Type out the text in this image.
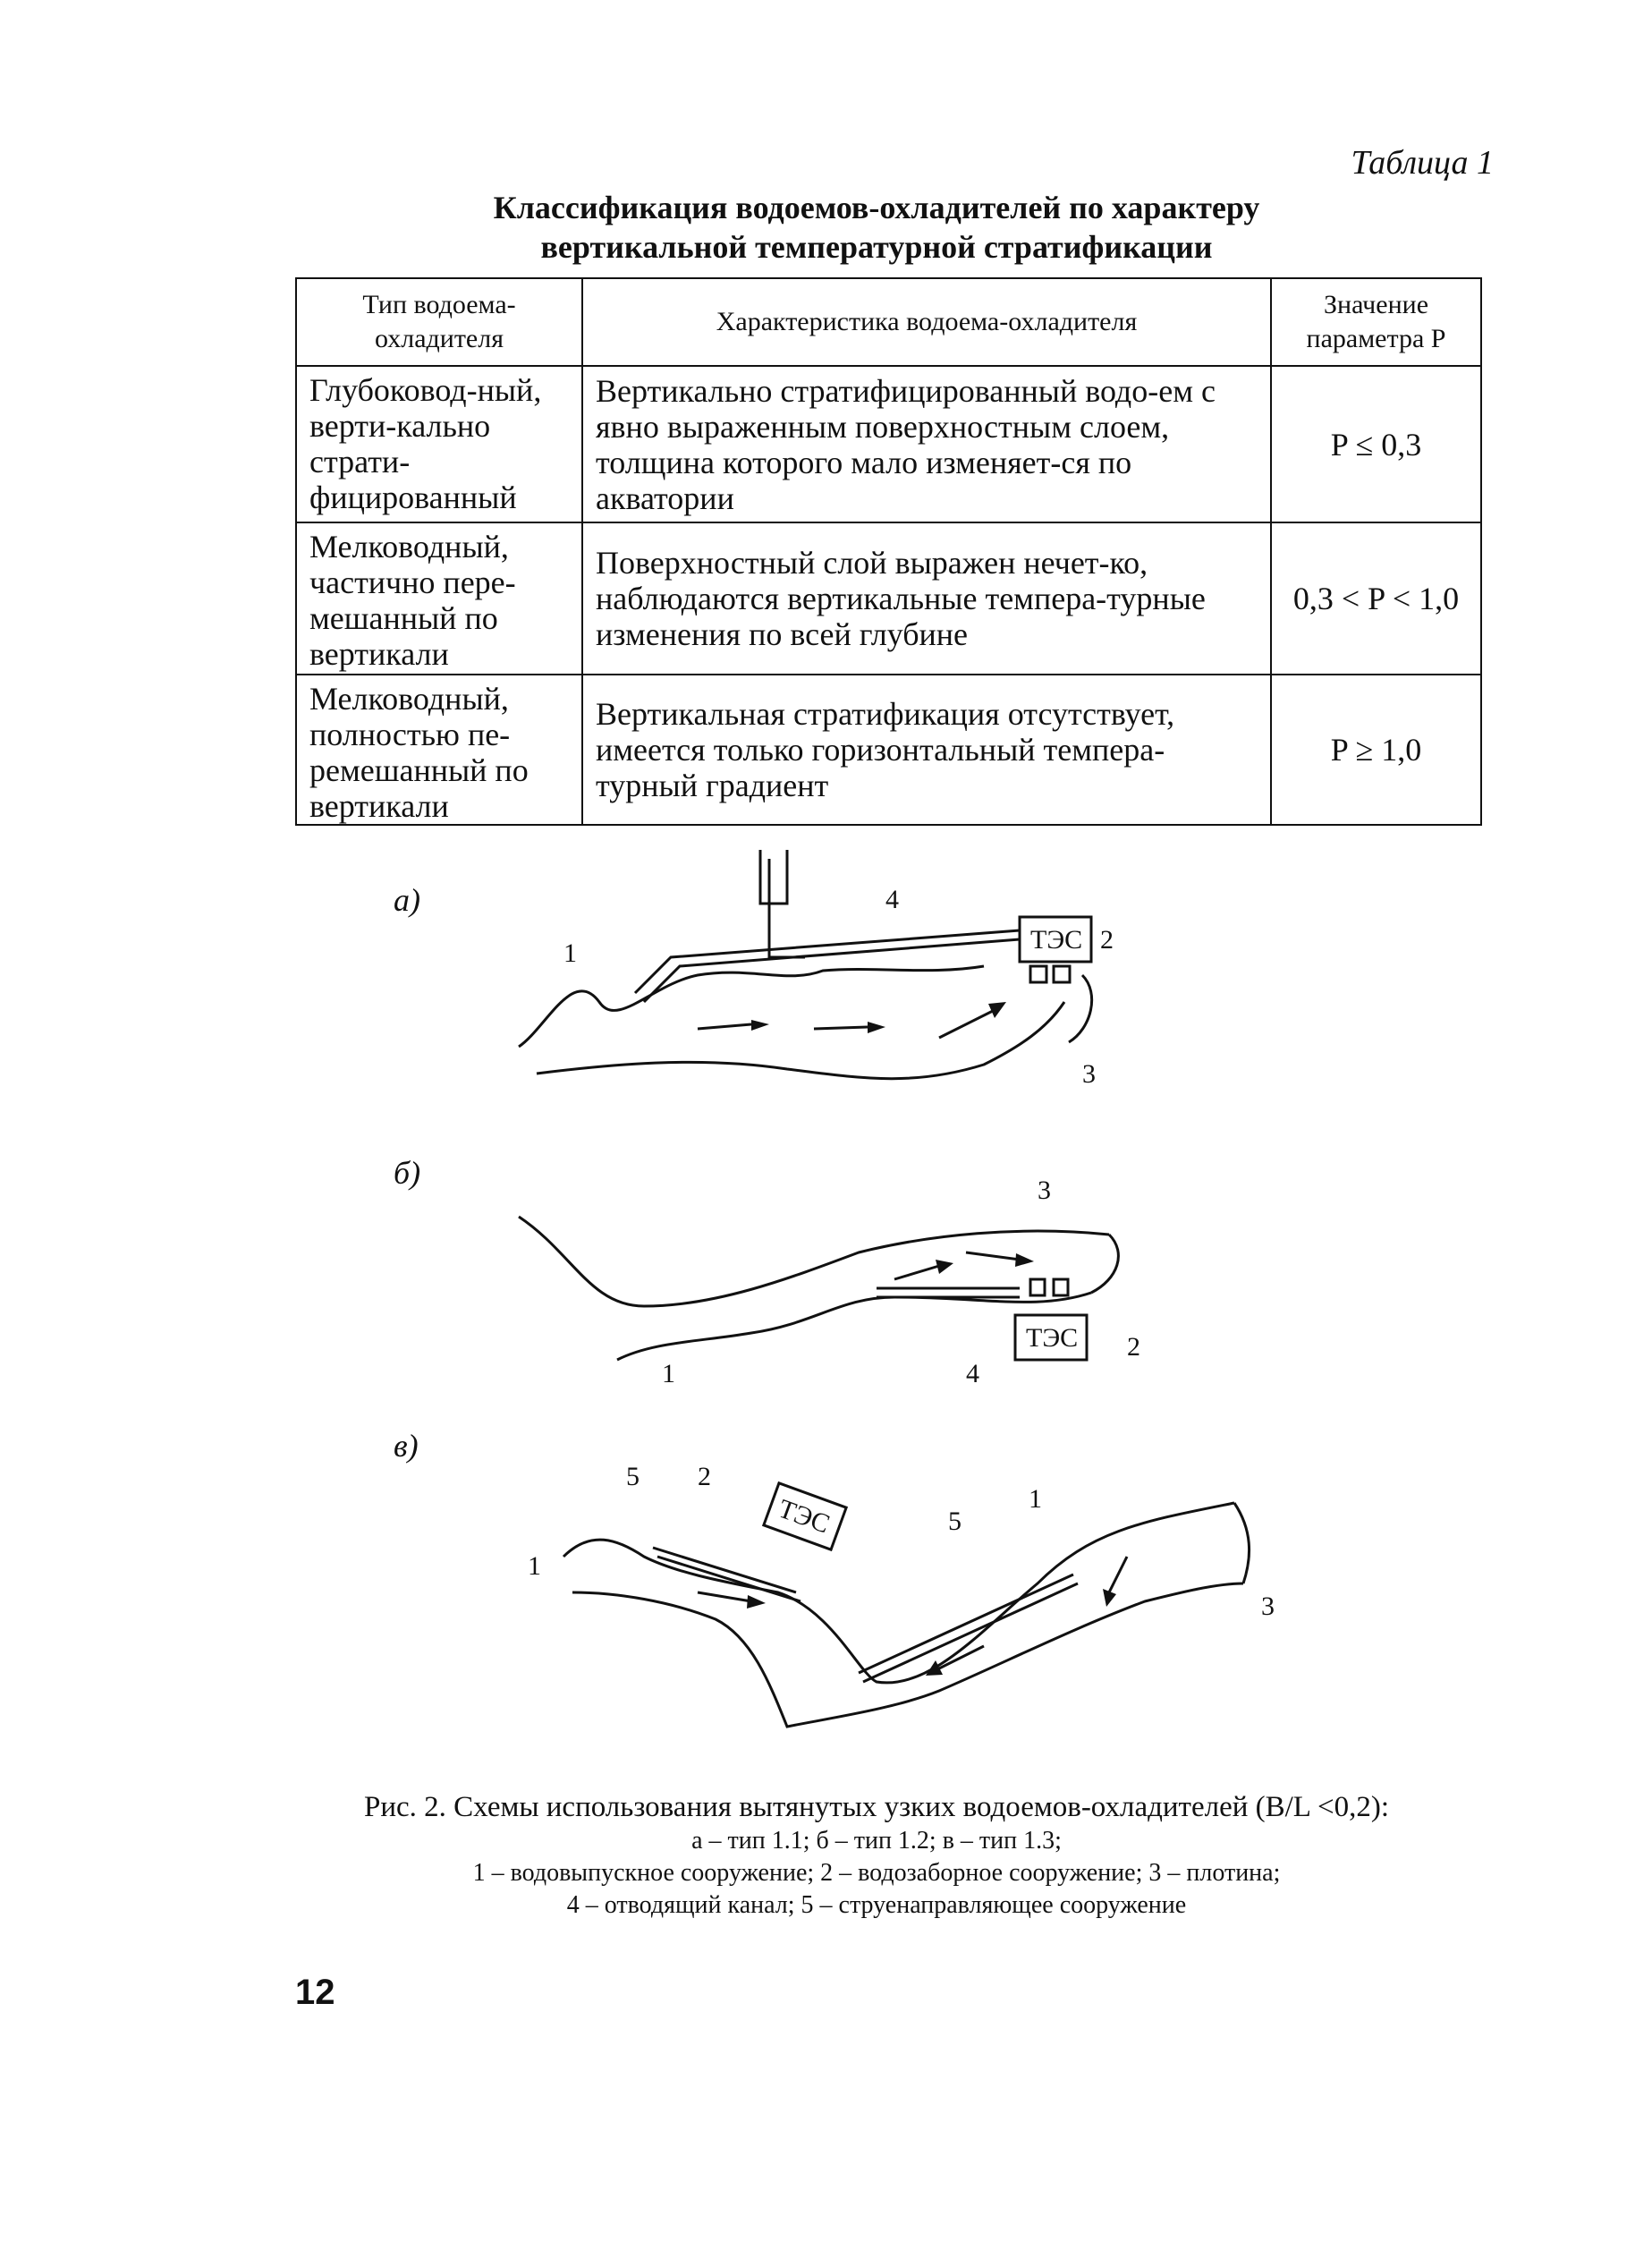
Таблица 1
Классификация водоемов-охладителей по характеру
вертикальной температурной стратификации
Тип водоема-охладителя	Характеристика водоема-охладителя	Значение параметра P
Глубоковод-ный, верти-кально страти-фицированный	Вертикально стратифицированный водо-ем с явно выраженным поверхностным слоем, толщина которого мало изменяет-ся по акватории	P ≤ 0,3
Мелководный, частично пере-мешанный по вертикали	Поверхностный слой выражен нечет-ко, наблюдаются вертикальные темпера-турные изменения по всей глубине	0,3 < P < 1,0
Мелководный, полностью пе-ремешанный по вертикали	Вертикальная стратификация отсутствует, имеется только горизонтальный темпера-турный градиент	P ≥ 1,0
а)
ТЭС
1	2
3
4
б)
ТЭС
1
2
3
4
в)
ТЭС
1
1
2
3
5
5
Рис. 2. Схемы использования вытянутых узких водоемов-охладителей (B/L <0,2):
а – тип 1.1; б – тип 1.2; в – тип 1.3;
1 – водовыпускное сооружение; 2 – водозаборное сооружение; 3 – плотина;
4 – отводящий канал; 5 – струенаправляющее сооружение
12
